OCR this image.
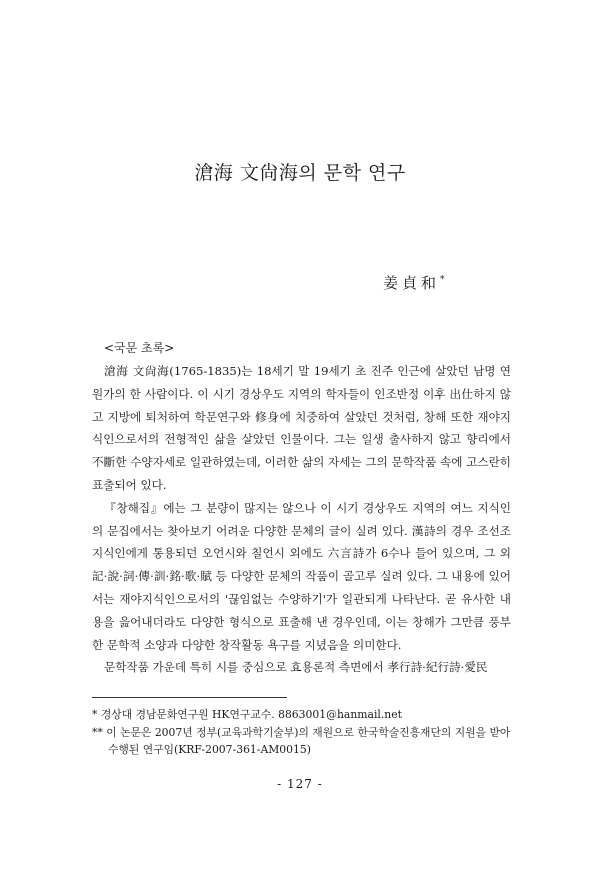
滄海 文尙海의 문학 연구
姜貞和*
<국문 초록>

滄海 文尙海(1765-1835)는 18세기 말 19세기 초 진주 인근에 살았던 남명 연원가의 한 사람이다. 이 시기 경상우도 지역의 학자들이 인조반정 이후 出仕하지 않고 지방에 퇴처하여 학문연구와 修身에 치중하여 살았던 것처럼, 창해 또한 재야지식인으로서의 전형적인 삶을 살았던 인물이다. 그는 일생 출사하지 않고 향리에서 不斷한 수양자세로 일관하였는데, 이러한 삶의 자세는 그의 문학작품 속에 고스란히 표출되어 있다.

『창해집』에는 그 분량이 많지는 않으나 이 시기 경상우도 지역의 여느 지식인의 문집에서는 찾아보기 어려운 다양한 문체의 글이 실려 있다. 漢詩의 경우 조선조 지식인에게 통용되던 오언시와 칠언시 외에도 六言詩가 6수나 들어 있으며, 그 외 記·說·詞·傳·訓·銘·歌·賦 등 다양한 문체의 작품이 골고루 실려 있다. 그 내용에 있어서는 재야지식인으로서의 '끊임없는 수양하기'가 일관되게 나타난다. 곧 유사한 내용을 읊어내더라도 다양한 형식으로 표출해 낸 경우인데, 이는 창해가 그만큼 풍부한 문학적 소양과 다양한 창작활동 욕구를 지녔음을 의미한다.

문학작품 가운데 특히 시를 중심으로 효용론적 측면에서 孝行詩·紀行詩·愛民

* 경상대 경남문화연구원 HK연구교수. 8863001@hanmail.net

** 이 논문은 2007년 정부(교육과학기술부)의 재원으로 한국학술진흥재단의 지원을 받아 수행된 연구임(KRF-2007-361-AM0015)

- 127 -
